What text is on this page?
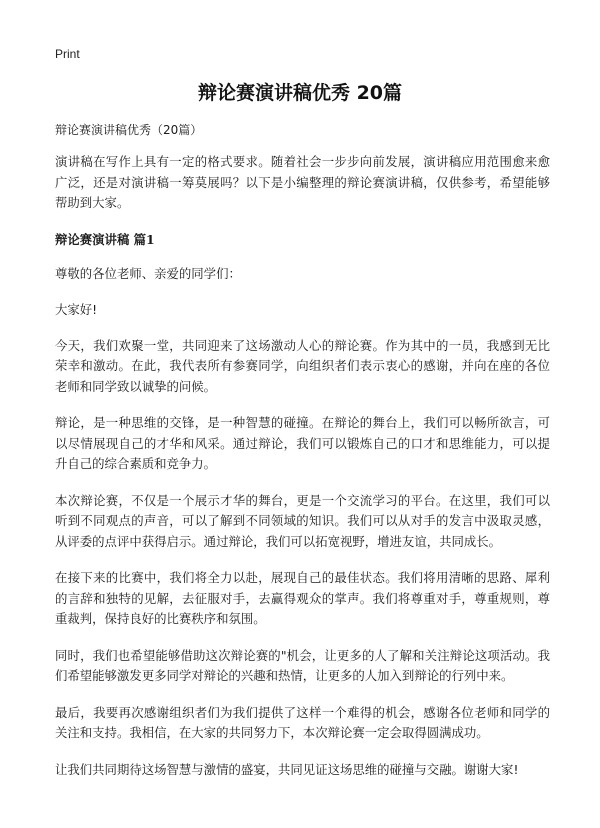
Print
辩论赛演讲稿优秀 20篇

辩论赛演讲稿优秀（20篇）

演讲稿在写作上具有一定的格式要求。随着社会一步步向前发展，演讲稿应用范围愈来愈广泛，还是对演讲稿一筹莫展吗？以下是小编整理的辩论赛演讲稿，仅供参考，希望能够帮助到大家。

辩论赛演讲稿 篇1

尊敬的各位老师、亲爱的同学们：

大家好!

今天，我们欢聚一堂，共同迎来了这场激动人心的辩论赛。作为其中的一员，我感到无比荣幸和激动。在此，我代表所有参赛同学，向组织者们表示衷心的感谢，并向在座的各位老师和同学致以诚挚的问候。

辩论，是一种思维的交锋，是一种智慧的碰撞。在辩论的舞台上，我们可以畅所欲言，可以尽情展现自己的才华和风采。通过辩论，我们可以锻炼自己的口才和思维能力，可以提升自己的综合素质和竞争力。

本次辩论赛，不仅是一个展示才华的舞台，更是一个交流学习的平台。在这里，我们可以听到不同观点的声音，可以了解到不同领域的知识。我们可以从对手的发言中汲取灵感，从评委的点评中获得启示。通过辩论，我们可以拓宽视野，增进友谊，共同成长。

在接下来的比赛中，我们将全力以赴，展现自己的最佳状态。我们将用清晰的思路、犀利的言辞和独特的见解，去征服对手，去赢得观众的掌声。我们将尊重对手，尊重规则，尊重裁判，保持良好的比赛秩序和氛围。

同时，我们也希望能够借助这次辩论赛的"机会，让更多的人了解和关注辩论这项活动。我们希望能够激发更多同学对辩论的兴趣和热情，让更多的人加入到辩论的行列中来。

最后，我要再次感谢组织者们为我们提供了这样一个难得的机会，感谢各位老师和同学的关注和支持。我相信，在大家的共同努力下，本次辩论赛一定会取得圆满成功。

让我们共同期待这场智慧与激情的盛宴，共同见证这场思维的碰撞与交融。谢谢大家!
